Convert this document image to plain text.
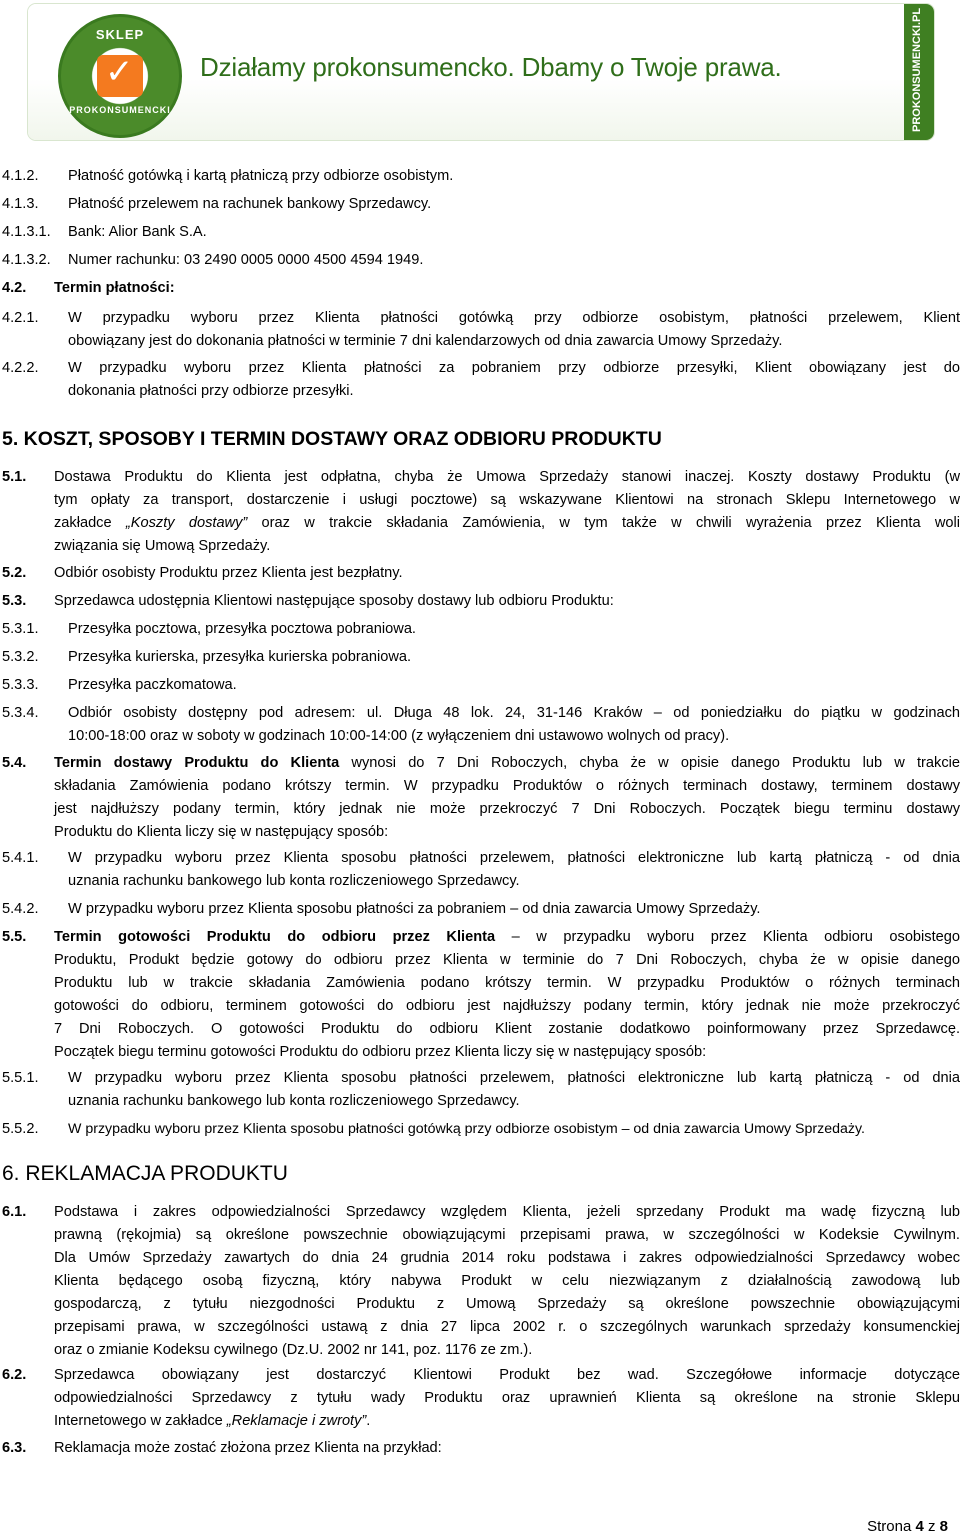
SKLEP
✓
PROKONSUMENCKI
Działamy prokonsumencko. Dbamy o Twoje prawa.	PROKONSUMENCKI.PL
4.1.2. Płatność gotówką i kartą płatniczą przy odbiorze osobistym.
4.1.3. Płatność przelewem na rachunek bankowy Sprzedawcy.
4.1.3.1. Bank: Alior Bank S.A.
4.1.3.2. Numer rachunku: 03 2490 0005 0000 4500 4594 1949.
4.2. Termin płatności:
4.2.1. W przypadku wyboru przez Klienta płatności gotówką przy odbiorze osobistym, płatności przelewem, Klient
obowiązany jest do dokonania płatności w terminie 7 dni kalendarzowych od dnia zawarcia Umowy Sprzedaży.
4.2.2. W przypadku wyboru przez Klienta płatności za pobraniem przy odbiorze przesyłki, Klient obowiązany jest do
dokonania płatności przy odbiorze przesyłki.
5. KOSZT, SPOSOBY I TERMIN DOSTAWY ORAZ ODBIORU PRODUKTU
5.1. Dostawa Produktu do Klienta jest odpłatna, chyba że Umowa Sprzedaży stanowi inaczej. Koszty dostawy Produktu (w
tym opłaty za transport, dostarczenie i usługi pocztowe) są wskazywane Klientowi na stronach Sklepu Internetowego w
zakładce „Koszty dostawy” oraz w trakcie składania Zamówienia, w tym także w chwili wyrażenia przez Klienta woli
związania się Umową Sprzedaży.
5.2. Odbiór osobisty Produktu przez Klienta jest bezpłatny.
5.3. Sprzedawca udostępnia Klientowi następujące sposoby dostawy lub odbioru Produktu:
5.3.1. Przesyłka pocztowa, przesyłka pocztowa pobraniowa.
5.3.2. Przesyłka kurierska, przesyłka kurierska pobraniowa.
5.3.3. Przesyłka paczkomatowa.
5.3.4. Odbiór osobisty dostępny pod adresem: ul. Długa 48 lok. 24, 31-146 Kraków – od poniedziałku do piątku w godzinach
10:00-18:00 oraz w soboty w godzinach 10:00-14:00 (z wyłączeniem dni ustawowo wolnych od pracy).
5.4. Termin dostawy Produktu do Klienta wynosi do 7 Dni Roboczych, chyba że w opisie danego Produktu lub w trakcie
składania Zamówienia podano krótszy termin. W przypadku Produktów o różnych terminach dostawy, terminem dostawy
jest najdłuższy podany termin, który jednak nie może przekroczyć 7 Dni Roboczych. Początek biegu terminu dostawy
Produktu do Klienta liczy się w następujący sposób:
5.4.1. W przypadku wyboru przez Klienta sposobu płatności przelewem, płatności elektroniczne lub kartą płatniczą - od dnia
uznania rachunku bankowego lub konta rozliczeniowego Sprzedawcy.
5.4.2. W przypadku wyboru przez Klienta sposobu płatności za pobraniem – od dnia zawarcia Umowy Sprzedaży.
5.5. Termin gotowości Produktu do odbioru przez Klienta – w przypadku wyboru przez Klienta odbioru osobistego
Produktu, Produkt będzie gotowy do odbioru przez Klienta w terminie do 7 Dni Roboczych, chyba że w opisie danego
Produktu lub w trakcie składania Zamówienia podano krótszy termin. W przypadku Produktów o różnych terminach
gotowości do odbioru, terminem gotowości do odbioru jest najdłuższy podany termin, który jednak nie może przekroczyć
7 Dni Roboczych. O gotowości Produktu do odbioru Klient zostanie dodatkowo poinformowany przez Sprzedawcę.
Początek biegu terminu gotowości Produktu do odbioru przez Klienta liczy się w następujący sposób:
5.5.1. W przypadku wyboru przez Klienta sposobu płatności przelewem, płatności elektroniczne lub kartą płatniczą - od dnia
uznania rachunku bankowego lub konta rozliczeniowego Sprzedawcy.
5.5.2. W przypadku wyboru przez Klienta sposobu płatności gotówką przy odbiorze osobistym – od dnia zawarcia Umowy Sprzedaży.
6. REKLAMACJA PRODUKTU
6.1. Podstawa i zakres odpowiedzialności Sprzedawcy względem Klienta, jeżeli sprzedany Produkt ma wadę fizyczną lub
prawną (rękojmia) są określone powszechnie obowiązującymi przepisami prawa, w szczególności w Kodeksie Cywilnym.
Dla Umów Sprzedaży zawartych do dnia 24 grudnia 2014 roku podstawa i zakres odpowiedzialności Sprzedawcy wobec
Klienta będącego osobą fizyczną, który nabywa Produkt w celu niezwiązanym z działalnością zawodową lub
gospodarczą, z tytułu niezgodności Produktu z Umową Sprzedaży są określone powszechnie obowiązującymi
przepisami prawa, w szczególności ustawą z dnia 27 lipca 2002 r. o szczególnych warunkach sprzedaży konsumenckiej
oraz o zmianie Kodeksu cywilnego (Dz.U. 2002 nr 141, poz. 1176 ze zm.).
6.2. Sprzedawca obowiązany jest dostarczyć Klientowi Produkt bez wad. Szczegółowe informacje dotyczące
odpowiedzialności Sprzedawcy z tytułu wady Produktu oraz uprawnień Klienta są określone na stronie Sklepu
Internetowego w zakładce „Reklamacje i zwroty”.
6.3. Reklamacja może zostać złożona przez Klienta na przykład:
Strona 4 z 8
